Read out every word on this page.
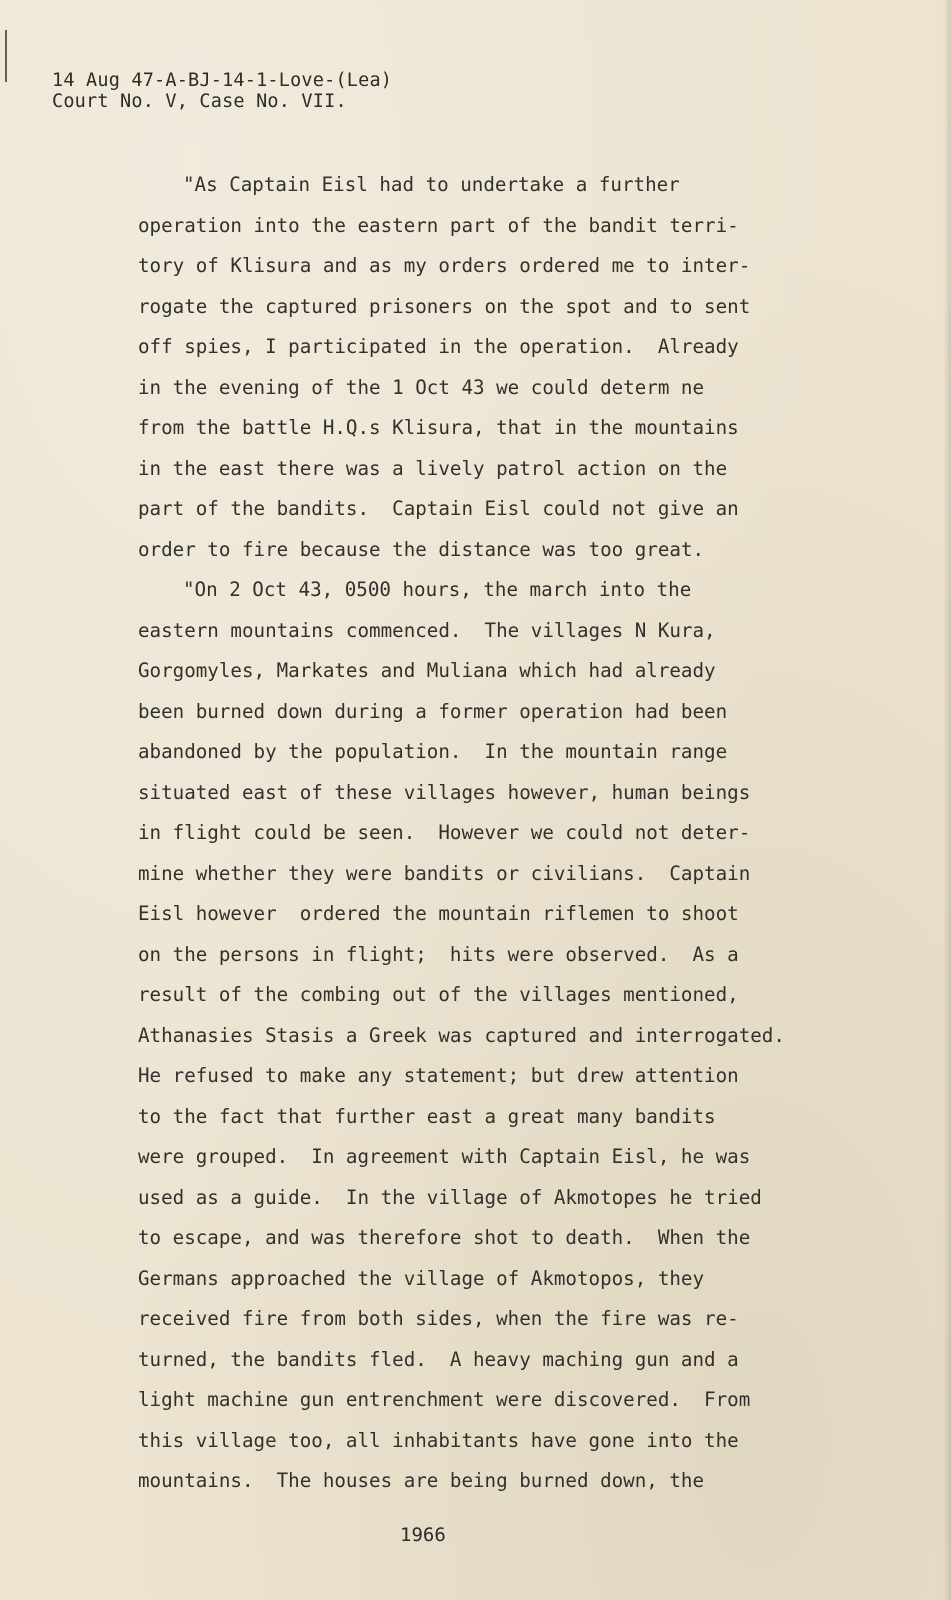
14 Aug 47-A-BJ-14-1-Love-(Lea)
Court No. V, Case No. VII.
"As Captain Eisl had to undertake a further
operation into the eastern part of the bandit terri-
tory of Klisura and as my orders ordered me to inter-
rogate the captured prisoners on the spot and to sent
off spies, I participated in the operation.  Already
in the evening of the 1 Oct 43 we could determ ne
from the battle H.Q.s Klisura, that in the mountains
in the east there was a lively patrol action on the
part of the bandits.  Captain Eisl could not give an
order to fire because the distance was too great.
"On 2 Oct 43, 0500 hours, the march into the
eastern mountains commenced.  The villages N Kura,
Gorgomyles, Markates and Muliana which had already
been burned down during a former operation had been
abandoned by the population.  In the mountain range
situated east of these villages however, human beings
in flight could be seen.  However we could not deter-
mine whether they were bandits or civilians.  Captain
Eisl however  ordered the mountain riflemen to shoot
on the persons in flight;  hits were observed.  As a
result of the combing out of the villages mentioned,
Athanasies Stasis a Greek was captured and interrogated.
He refused to make any statement; but drew attention
to the fact that further east a great many bandits
were grouped.  In agreement with Captain Eisl, he was
used as a guide.  In the village of Akmotopes he tried
to escape, and was therefore shot to death.  When the
Germans approached the village of Akmotopos, they
received fire from both sides, when the fire was re-
turned, the bandits fled.  A heavy maching gun and a
light machine gun entrenchment were discovered.  From
this village too, all inhabitants have gone into the
mountains.  The houses are being burned down, the
1966
